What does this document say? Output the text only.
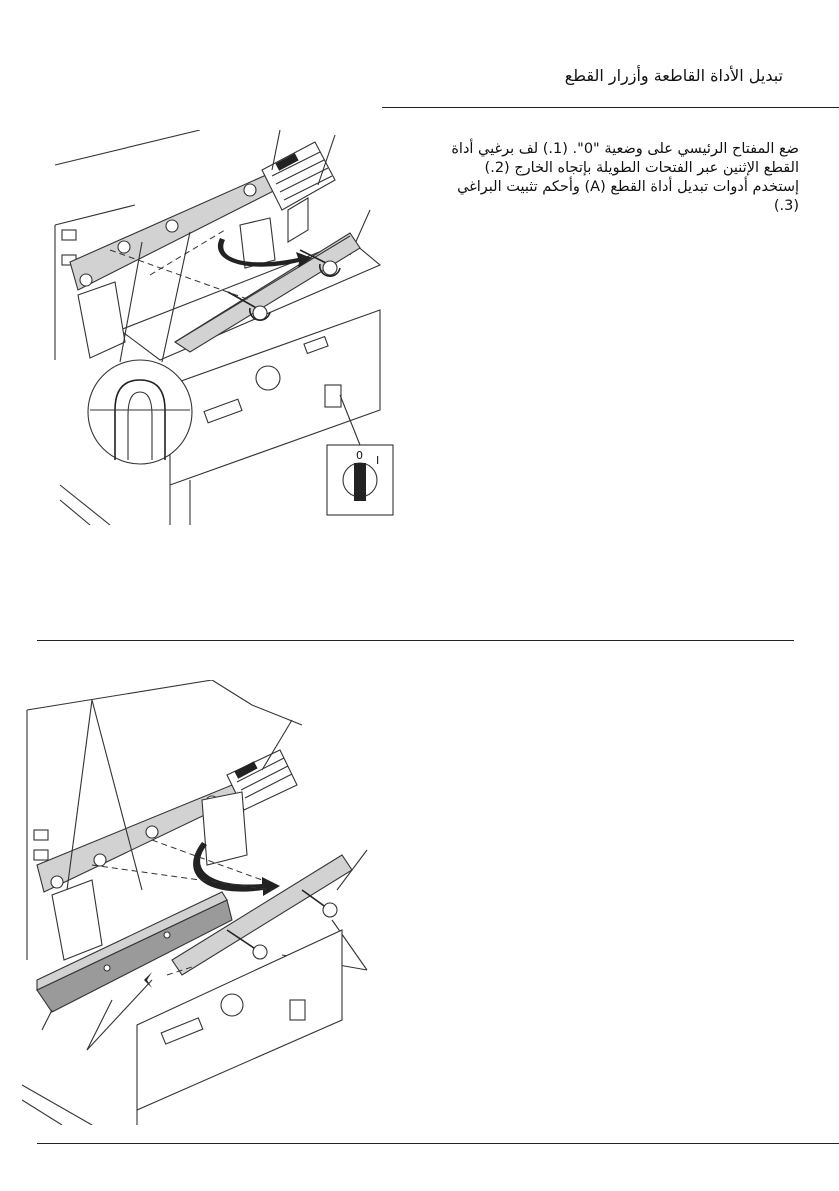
تبديل الأداة القاطعة وأزرار القطع

ضع المفتاح الرئيسي على وضعية "0". (1.) لف برغيي أداة

القطع الإثنين عبر الفتحات الطويلة بإتجاه الخارج (2.)

إستخدم أدوات تبديل أداة القطع (A) وأحكم تثبيت البراغي

(3.)

0 I
